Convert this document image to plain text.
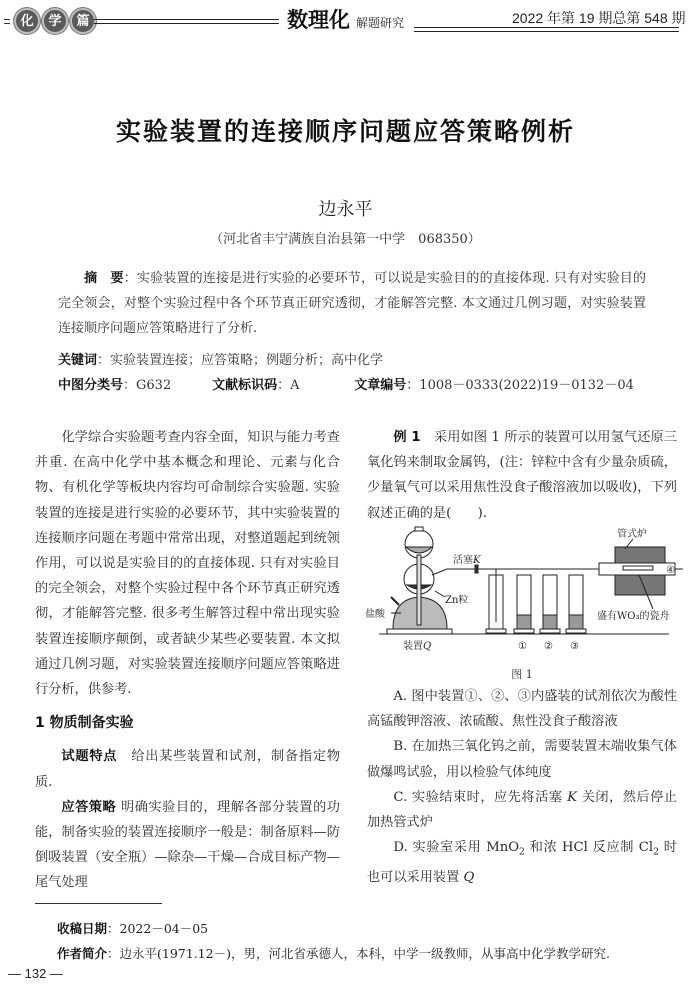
化	学	篇	数理化 解题研究	2022 年第 19 期总第 548 期
实验装置的连接顺序问题应答策略例析
边永平
（河北省丰宁满族自治县第一中学　068350）
摘　要：实验装置的连接是进行实验的必要环节，可以说是实验目的的直接体现. 只有对实验目的完全领会，对整个实验过程中各个环节真正研究透彻，才能解答完整. 本文通过几例习题，对实验装置连接顺序问题应答策略进行了分析.
关键词：实验装置连接；应答策略；例题分析；高中化学
中图分类号：G632	文献标识码：A	文章编号：1008－0333(2022)19－0132－04

化学综合实验题考查内容全面，知识与能力考查并重. 在高中化学中基本概念和理论、元素与化合物、有机化学等板块内容均可命制综合实验题. 实验装置的连接是进行实验的必要环节，其中实验装置的连接顺序问题在考题中常常出现，对整道题起到统领作用，可以说是实验目的的直接体现. 只有对实验目的完全领会，对整个实验过程中各个环节真正研究透彻，才能解答完整. 很多考生解答过程中常出现实验装置连接顺序颠倒，或者缺少某些必要装置. 本文拟通过几例习题，对实验装置连接顺序问题应答策略进行分析，供参考.

1 物质制备实验

试题特点　给出某些装置和试剂，制备指定物质.

应答策略 明确实验目的，理解各部分装置的功能，制备实验的装置连接顺序一般是：制备原料—防倒吸装置（安全瓶）—除杂—干燥—合成目标产物—尾气处理

例 1　采用如图 1 所示的装置可以用氢气还原三氧化钨来制取金属钨，(注：锌粒中含有少量杂质硫，少量氧气可以采用焦性没食子酸溶液加以吸收)，下列叙述正确的是(　　).

管式炉
活塞K
Zn粒
盐酸
装置Q
盛有WO₃的瓷舟
① ② ③
④
图 1

A. 图中装置①、②、③内盛装的试剂依次为酸性高锰酸钾溶液、浓硫酸、焦性没食子酸溶液

B. 在加热三氧化钨之前，需要装置末端收集气体做爆鸣试验，用以检验气体纯度

C. 实验结束时，应先将活塞 K 关闭，然后停止加热管式炉

D. 实验室采用 MnO$_2$ 和浓 HCl 反应制 $Cl_2$ 时也可以采用装置 Q

收稿日期：2022－04－05
作者简介：边永平(1971.12－)，男，河北省承德人，本科，中学一级教师，从事高中化学教学研究.
— 132 —
